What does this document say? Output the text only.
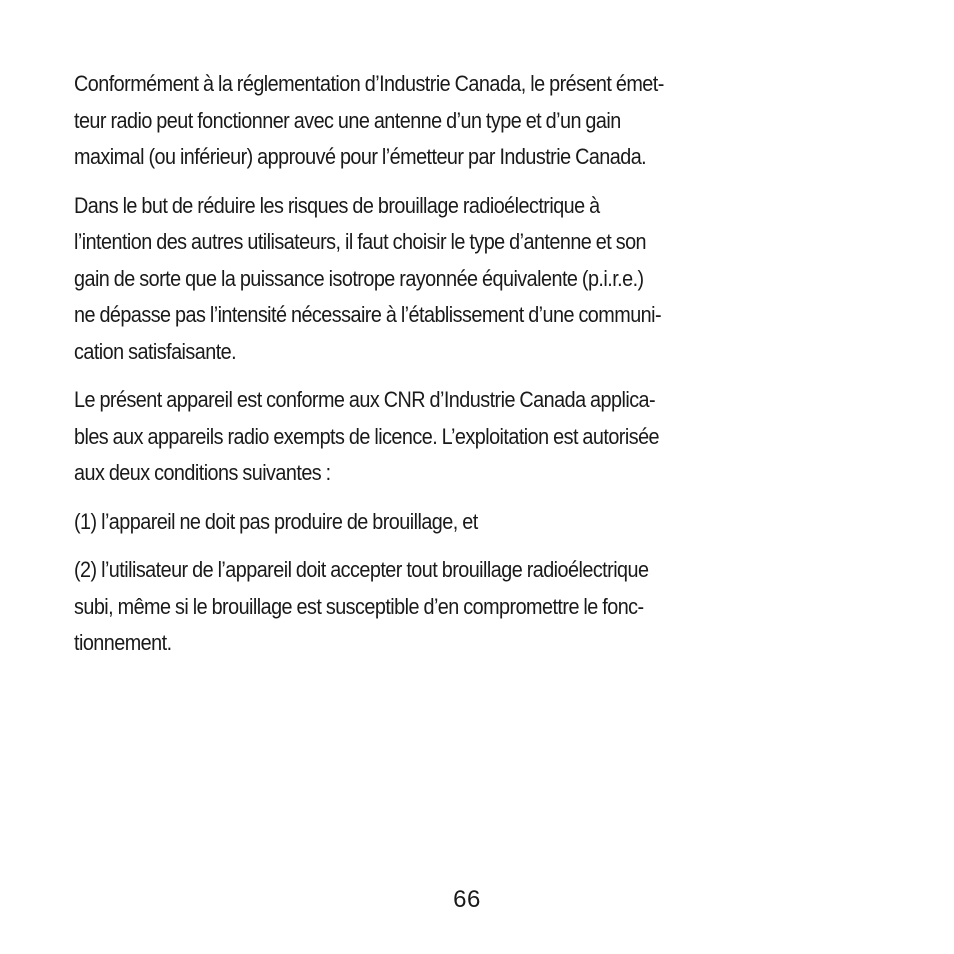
Conformément à la réglementation d’Industrie Canada, le présent émet-
teur radio peut fonctionner avec une antenne d’un type et d’un gain
maximal (ou inférieur) approuvé pour l’émetteur par Industrie Canada.

Dans le but de réduire les risques de brouillage radioélectrique à
l’intention des autres utilisateurs, il faut choisir le type d’antenne et son
gain de sorte que la puissance isotrope rayonnée équivalente (p.i.r.e.)
ne dépasse pas l’intensité nécessaire à l’établissement d’une communi-
cation satisfaisante.

Le présent appareil est conforme aux CNR d’Industrie Canada applica-
bles aux appareils radio exempts de licence. L’exploitation est autorisée
aux deux conditions suivantes :

(1) l’appareil ne doit pas produire de brouillage, et

(2) l’utilisateur de l’appareil doit accepter tout brouillage radioélectrique
subi, même si le brouillage est susceptible d’en compromettre le fonc-
tionnement.

66
